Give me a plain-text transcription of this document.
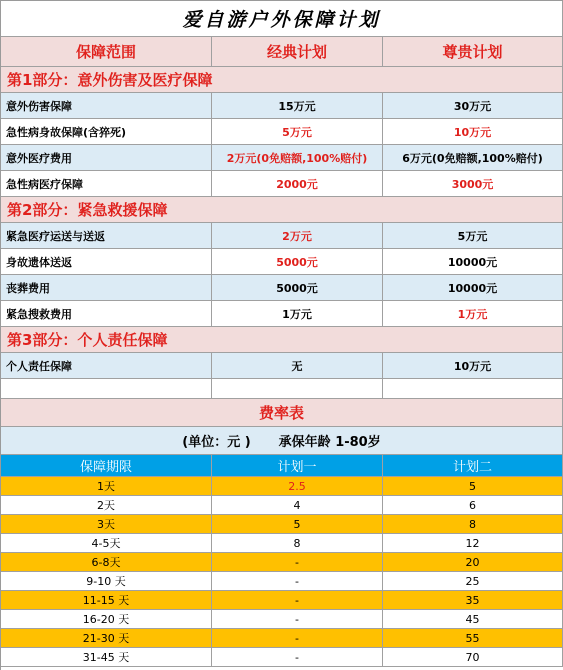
爱自游户外保障计划
保障范围	经典计划	尊贵计划
第1部分：意外伤害及医疗保障
意外伤害保障	15万元	30万元
急性病身故保障(含猝死)	5万元	10万元
意外医疗费用	2万元(0免赔额,100%赔付)	6万元(0免赔额,100%赔付)
急性病医疗保障	2000元	3000元
第2部分：紧急救援保障
紧急医疗运送与送返	2万元	5万元
身故遗体送返	5000元	10000元
丧葬费用	5000元	10000元
紧急搜救费用	1万元	1万元
第3部分：个人责任保障
个人责任保障	无	10万元
费率表
(单位：元 ) 承保年龄 1-80岁
保障期限	计划一	计划二
1天	2.5	5
2天	4	6
3天	5	8
4-5天	8	12
6-8天	-	20
9-10 天	-	25
11-15 天	-	35
16-20 天	-	45
21-30 天	-	55
31-45 天	-	70
